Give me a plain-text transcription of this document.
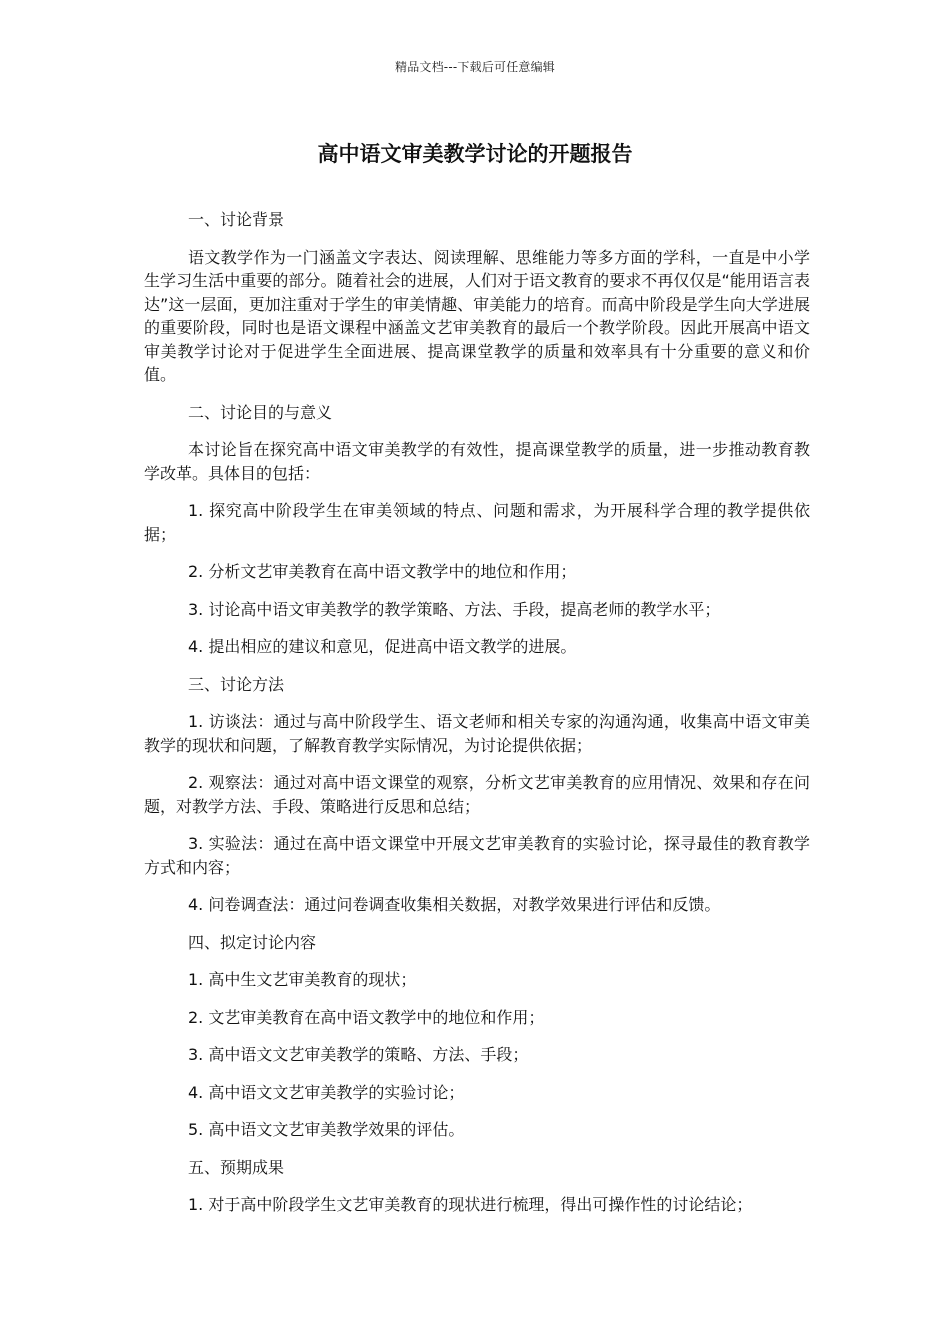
精品文档---下载后可任意编辑
高中语文审美教学讨论的开题报告

一、讨论背景

语文教学作为一门涵盖文字表达、阅读理解、思维能力等多方面的学科，一直是中小学生学习生活中重要的部分。随着社会的进展，人们对于语文教育的要求不再仅仅是“能用语言表达”这一层面，更加注重对于学生的审美情趣、审美能力的培育。而高中阶段是学生向大学进展的重要阶段，同时也是语文课程中涵盖文艺审美教育的最后一个教学阶段。因此开展高中语文审美教学讨论对于促进学生全面进展、提高课堂教学的质量和效率具有十分重要的意义和价值。

二、讨论目的与意义

本讨论旨在探究高中语文审美教学的有效性，提高课堂教学的质量，进一步推动教育教学改革。具体目的包括：

1. 探究高中阶段学生在审美领域的特点、问题和需求，为开展科学合理的教学提供依据；

2. 分析文艺审美教育在高中语文教学中的地位和作用；

3. 讨论高中语文审美教学的教学策略、方法、手段，提高老师的教学水平；

4. 提出相应的建议和意见，促进高中语文教学的进展。

三、讨论方法

1. 访谈法：通过与高中阶段学生、语文老师和相关专家的沟通沟通，收集高中语文审美教学的现状和问题，了解教育教学实际情况，为讨论提供依据；

2. 观察法：通过对高中语文课堂的观察，分析文艺审美教育的应用情况、效果和存在问题，对教学方法、手段、策略进行反思和总结；

3. 实验法：通过在高中语文课堂中开展文艺审美教育的实验讨论，探寻最佳的教育教学方式和内容；

4. 问卷调查法：通过问卷调查收集相关数据，对教学效果进行评估和反馈。

四、拟定讨论内容

1. 高中生文艺审美教育的现状；

2. 文艺审美教育在高中语文教学中的地位和作用；

3. 高中语文文艺审美教学的策略、方法、手段；

4. 高中语文文艺审美教学的实验讨论；

5. 高中语文文艺审美教学效果的评估。

五、预期成果

1. 对于高中阶段学生文艺审美教育的现状进行梳理，得出可操作性的讨论结论；
